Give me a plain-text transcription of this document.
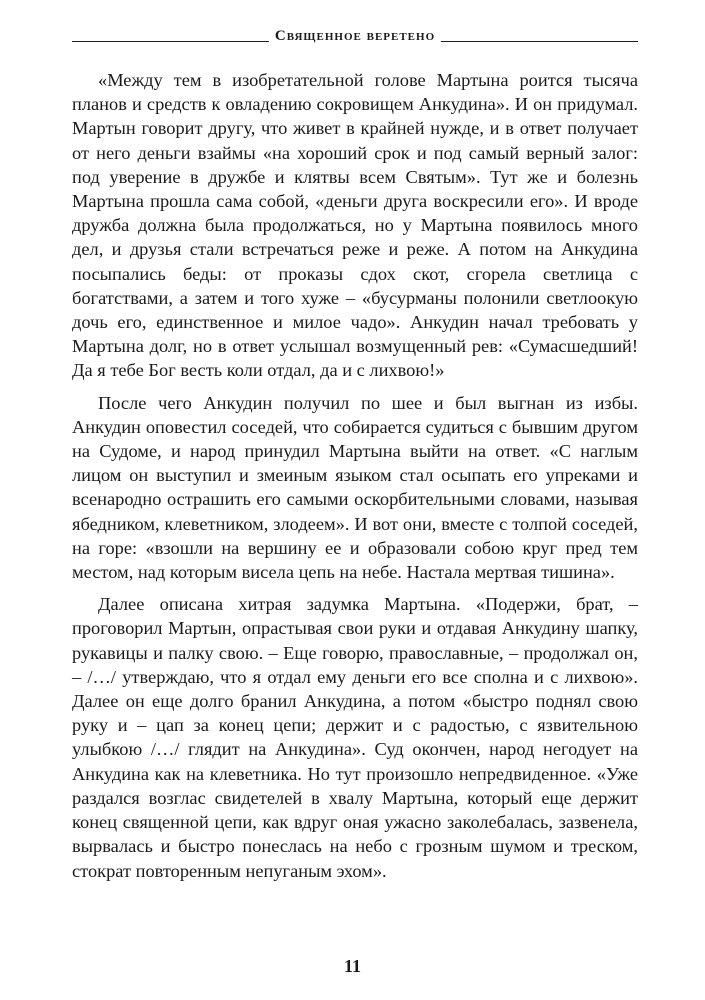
Священное веретено

«Между тем в изобретательной голове Мартына роится тысяча планов и средств к овладению сокровищем Анкудина». И он придумал. Мартын говорит другу, что живет в крайней нужде, и в ответ получает от него деньги взаймы «на хороший срок и под самый верный залог: под уверение в дружбе и клятвы всем Святым». Тут же и болезнь Мартына прошла сама собой, «деньги друга воскресили его». И вроде дружба должна была продолжаться, но у Мартына появилось много дел, и друзья стали встречаться реже и реже. А потом на Анкудина посыпались беды: от проказы сдох скот, сгорела светлица с богатствами, а затем и того хуже – «бусурманы полонили светлоокую дочь его, единственное и милое чадо». Анкудин начал требовать у Мартына долг, но в ответ услышал возмущенный рев: «Сумасшедший! Да я тебе Бог весть коли отдал, да и с лихвою!»

После чего Анкудин получил по шее и был выгнан из избы. Анкудин оповестил соседей, что собирается судиться с бывшим другом на Судоме, и народ принудил Мартына выйти на ответ. «С наглым лицом он выступил и змеиным языком стал осыпать его упреками и всенародно острашить его самыми оскорбительными словами, называя ябедником, клеветником, злодеем». И вот они, вместе с толпой соседей, на горе: «взошли на вершину ее и образовали собою круг пред тем местом, над которым висела цепь на небе. Настала мертвая тишина».

Далее описана хитрая задумка Мартына. «Подержи, брат, – проговорил Мартын, опрастывая свои руки и отдавая Анкудину шапку, рукавицы и палку свою. – Еще говорю, православные, – продолжал он, – /…/ утверждаю, что я отдал ему деньги его все сполна и с лихвою». Далее он еще долго бранил Анкудина, а потом «быстро поднял свою руку и – цап за конец цепи; держит и с радостью, с язвительною улыбкою /…/ глядит на Анкудина». Суд окончен, народ негодует на Анкудина как на клеветника. Но тут произошло непредвиденное. «Уже раздался возглас свидетелей в хвалу Мартына, который еще держит конец священной цепи, как вдруг оная ужасно заколебалась, зазвенела, вырвалась и быстро понеслась на небо с грозным шумом и треском, стократ повторенным непуганым эхом».

11
